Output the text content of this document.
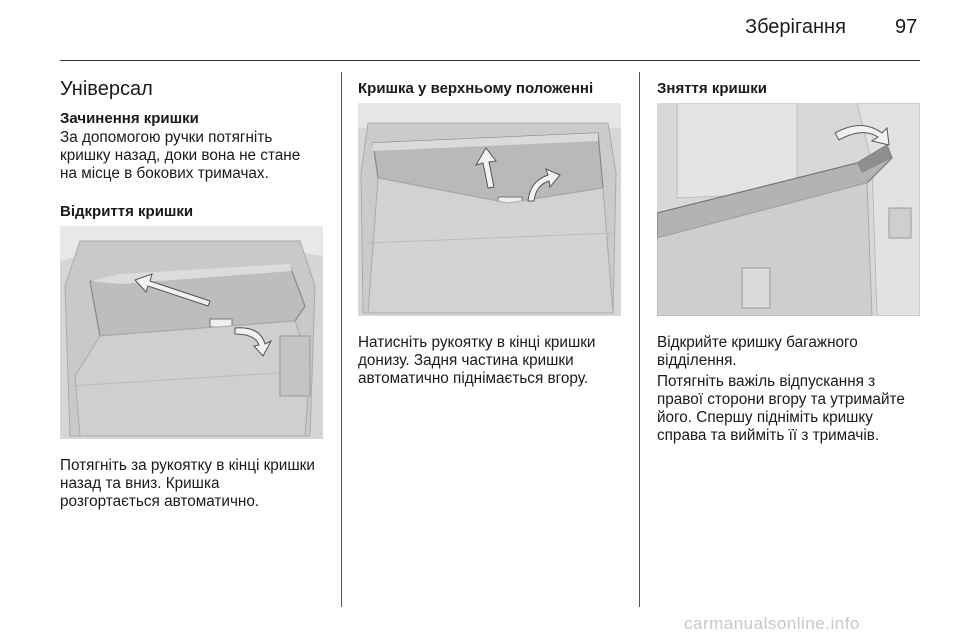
Зберігання 97
Універсал
Зачинення кришки
За допомогою ручки потягніть
кришку назад, доки вона не стане
на місце в бокових тримачах.
Відкриття кришки
Потягніть за рукоятку в кінці кришки
назад та вниз. Кришка
розгортається автоматично.
Кришка у верхньому положенні
Натисніть рукоятку в кінці кришки
донизу. Задня частина кришки
автоматично піднімається вгору.
Зняття кришки
Відкрийте кришку багажного
відділення.
Потягніть важіль відпускання з
правої сторони вгору та утримайте
його. Спершу підніміть кришку
справа та вийміть її з тримачів.
carmanualsonline.info
